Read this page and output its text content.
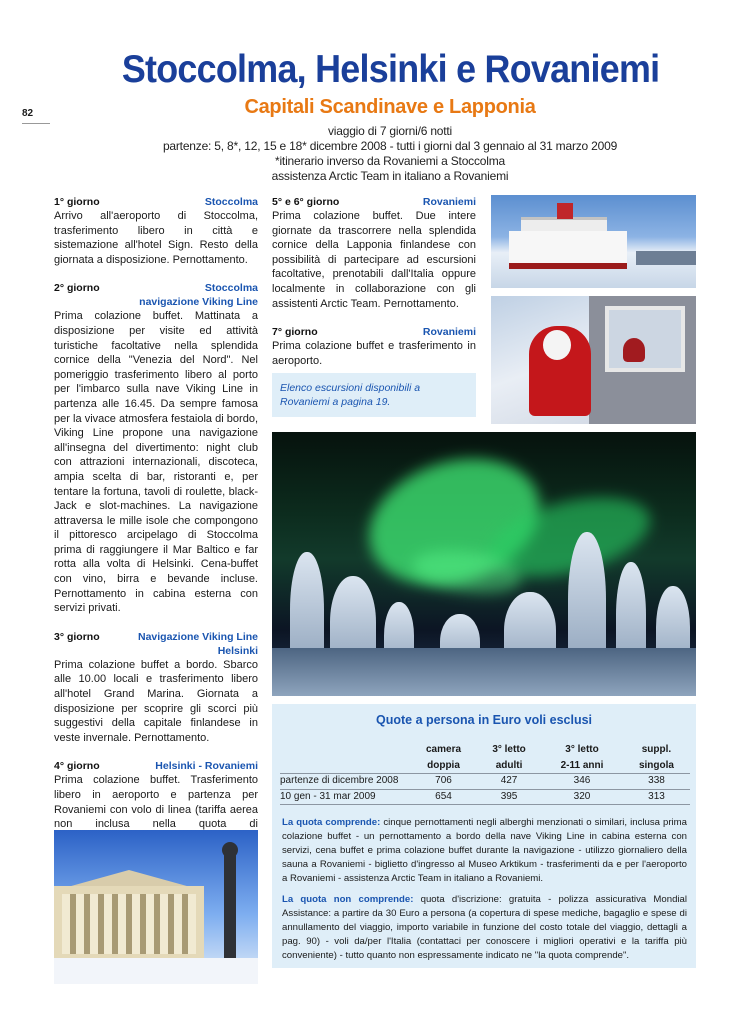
82
Stoccolma, Helsinki e Rovaniemi
Capitali Scandinave e Lapponia
viaggio di 7 giorni/6 notti
partenze: 5, 8*, 12, 15 e 18* dicembre 2008 - tutti i giorni dal 3 gennaio al 31 marzo 2009
*itinerario inverso da Rovaniemi a Stoccolma
assistenza Arctic Team in italiano a Rovaniemi
1° giorno	Stoccolma
Arrivo all'aeroporto di Stoccolma, trasferimento libero in città e sistemazione all'hotel Sign. Resto della giornata a disposizione. Pernottamento.
2° giorno	Stoccolma
navigazione Viking Line
Prima colazione buffet. Mattinata a disposizione per visite ed attività turistiche facoltative nella splendida cornice della "Venezia del Nord". Nel pomeriggio trasferimento libero al porto per l'imbarco sulla nave Viking Line in partenza alle 16.45. Da sempre famosa per la vivace atmosfera festaiola di bordo, Viking Line propone una navigazione all'insegna del divertimento: night club con attrazioni internazionali, discoteca, ampia scelta di bar, ristoranti e, per tentare la fortuna, tavoli di roulette, black-Jack e slot-machines. La navigazione attraversa le mille isole che compongono il pittoresco arcipelago di Stoccolma prima di raggiungere il Mar Baltico e far rotta alla volta di Helsinki. Cena-buffet con vino, birra e bevande incluse. Pernottamento in cabina esterna con servizi privati.
3° giorno	Navigazione Viking Line
Helsinki
Prima colazione buffet a bordo. Sbarco alle 10.00 locali e trasferimento libero all'hotel Grand Marina. Giornata a disposizione per scoprire gli scorci più suggestivi della capitale finlandese in veste invernale. Pernottamento.
4° giorno	Helsinki - Rovaniemi
Prima colazione buffet. Trasferimento libero in aeroporto e partenza per Rovaniemi con volo di linea (tariffa aerea non inclusa nella quota di
5° e 6° giorno	Rovaniemi
Prima colazione buffet. Due intere giornate da trascorrere nella splendida cornice della Lapponia finlandese con possibilità di partecipare ad escursioni facoltative, prenotabili dall'Italia oppure localmente in collaborazione con gli assistenti Arctic Team. Pernottamento.
7° giorno	Rovaniemi
Prima colazione buffet e trasferimento in aeroporto.
Elenco escursioni disponibili a Rovaniemi a pagina 19.
Quote a persona in Euro voli esclusi
	camera	3° letto	3° letto	suppl.
	doppia	adulti	2-11 anni	singola
partenze di dicembre 2008	706	427	346	338
10 gen - 31 mar 2009	654	395	320	313

La quota comprende: cinque pernottamenti negli alberghi menzionati o similari, inclusa prima colazione buffet - un pernottamento a bordo della nave Viking Line in cabina esterna con servizi, cena buffet e prima colazione buffet durante la navigazione - utilizzo giornaliero della sauna a Rovaniemi - biglietto d'ingresso al Museo Arktikum - trasferimenti da e per l'aeroporto a Rovaniemi - assistenza Arctic Team in italiano a Rovaniemi.

La quota non comprende: quota d'iscrizione: gratuita - polizza assicurativa Mondial Assistance: a partire da 30 Euro a persona (a copertura di spese mediche, bagaglio e spese di annullamento del viaggio, importo variabile in funzione del costo totale del viaggio, dettagli a pag. 90) - voli da/per l'Italia (contattaci per conoscere i migliori operativi e la tariffa più conveniente) - tutto quanto non espressamente indicato ne "la quota comprende".
